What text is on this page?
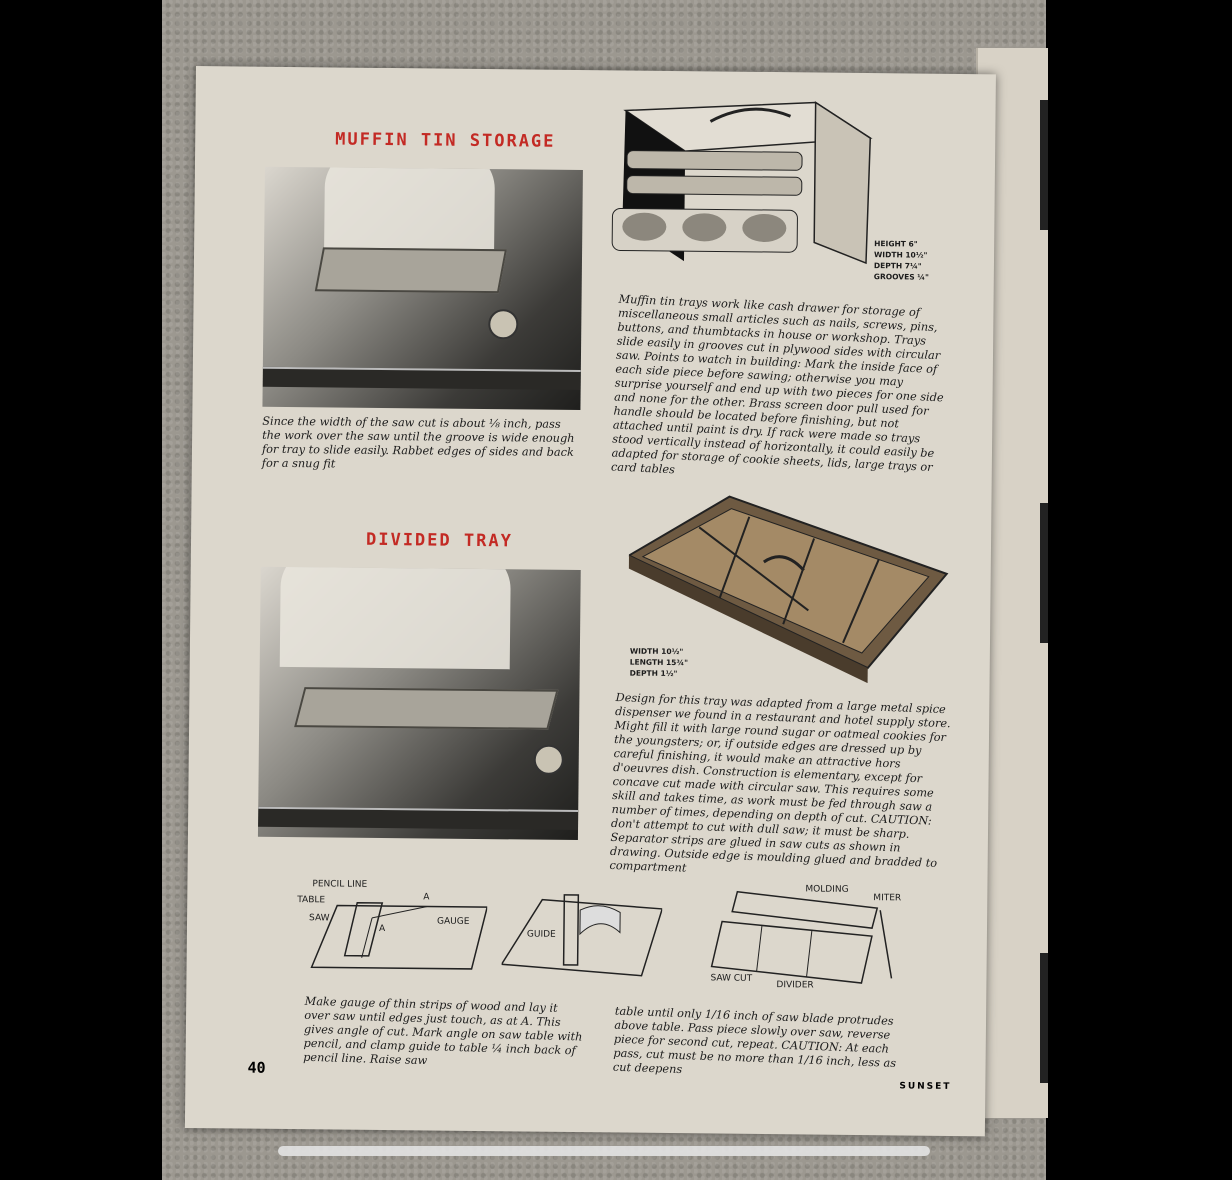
MUFFIN TIN STORAGE
Since the width of the saw cut is about ⅛ inch, pass the work over the saw until the groove is wide enough for tray to slide easily. Rabbet edges of sides and back for a snug fit
HEIGHT 6"
WIDTH 10½"
DEPTH 7¼"
GROOVES ¼"
Muffin tin trays work like cash drawer for storage of miscellaneous small articles such as nails, screws, pins, buttons, and thumbtacks in house or workshop. Trays slide easily in grooves cut in plywood sides with circular saw. Points to watch in building: Mark the inside face of each side piece before sawing; otherwise you may surprise yourself and end up with two pieces for one side and none for the other. Brass screen door pull used for handle should be located before finishing, but not attached until paint is dry. If rack were made so trays stood vertically instead of horizontally, it could easily be adapted for storage of cookie sheets, lids, large trays or card tables
DIVIDED TRAY
WIDTH 10½"
LENGTH 15¾"
DEPTH 1½"
Design for this tray was adapted from a large metal spice dispenser we found in a restaurant and hotel supply store. Might fill it with large round sugar or oatmeal cookies for the youngsters; or, if outside edges are dressed up by careful finishing, it would make an attractive hors d'oeuvres dish. Construction is elementary, except for concave cut made with circular saw. This requires some skill and takes time, as work must be fed through saw a number of times, depending on depth of cut. CAUTION: don't attempt to cut with dull saw; it must be sharp. Separator strips are glued in saw cuts as shown in drawing. Outside edge is moulding glued and bradded to compartment
PENCIL LINE
TABLE
SAW
A
A
GAUGE
GUIDE
MOLDING
MITER
SAW CUT
DIVIDER
Make gauge of thin strips of wood and lay it over saw until edges just touch, as at A. This gives angle of cut. Mark angle on saw table with pencil, and clamp guide to table ¼ inch back of pencil line. Raise saw
table until only 1/16 inch of saw blade protrudes above table. Pass piece slowly over saw, reverse piece for second cut, repeat. CAUTION: At each pass, cut must be no more than 1/16 inch, less as cut deepens
40
SUNSET
